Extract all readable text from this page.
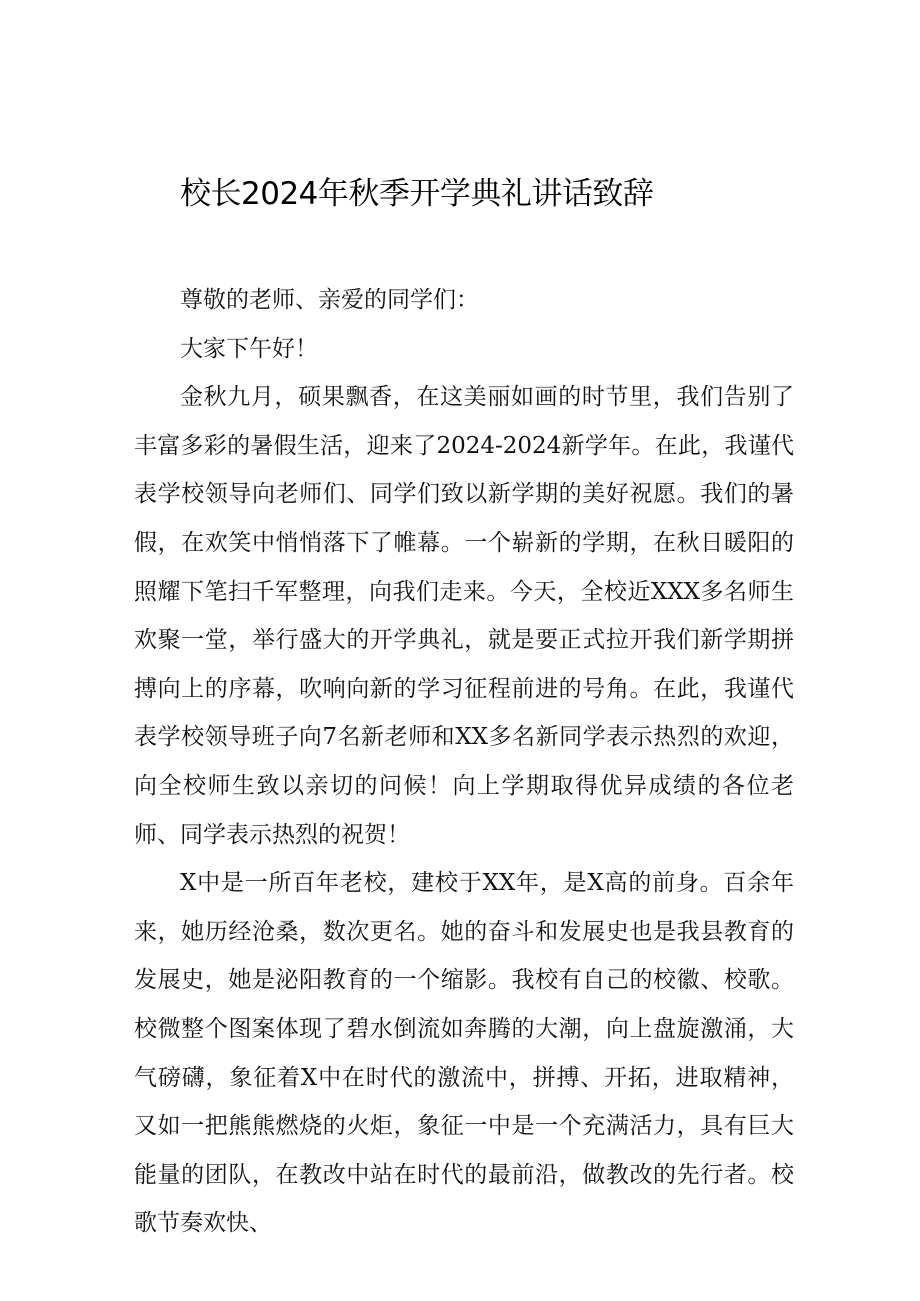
校长2024年秋季开学典礼讲话致辞

尊敬的老师、亲爱的同学们：

大家下午好！

金秋九月，硕果飘香，在这美丽如画的时节里，我们告别了丰富多彩的暑假生活，迎来了2024-2024新学年。在此，我谨代表学校领导向老师们、同学们致以新学期的美好祝愿。我们的暑假，在欢笑中悄悄落下了帷幕。一个崭新的学期，在秋日暖阳的照耀下笔扫千军整理，向我们走来。今天，全校近XXX多名师生欢聚一堂，举行盛大的开学典礼，就是要正式拉开我们新学期拼搏向上的序幕，吹响向新的学习征程前进的号角。在此，我谨代表学校领导班子向7名新老师和XX多名新同学表示热烈的欢迎，向全校师生致以亲切的问候！向上学期取得优异成绩的各位老师、同学表示热烈的祝贺！

X中是一所百年老校，建校于XX年，是X高的前身。百余年来，她历经沧桑，数次更名。她的奋斗和发展史也是我县教育的发展史，她是泌阳教育的一个缩影。我校有自己的校徽、校歌。校微整个图案体现了碧水倒流如奔腾的大潮，向上盘旋激涌，大气磅礴，象征着X中在时代的激流中，拼搏、开拓，进取精神，又如一把熊熊燃烧的火炬，象征一中是一个充满活力，具有巨大能量的团队，在教改中站在时代的最前沿，做教改的先行者。校歌节奏欢快、
